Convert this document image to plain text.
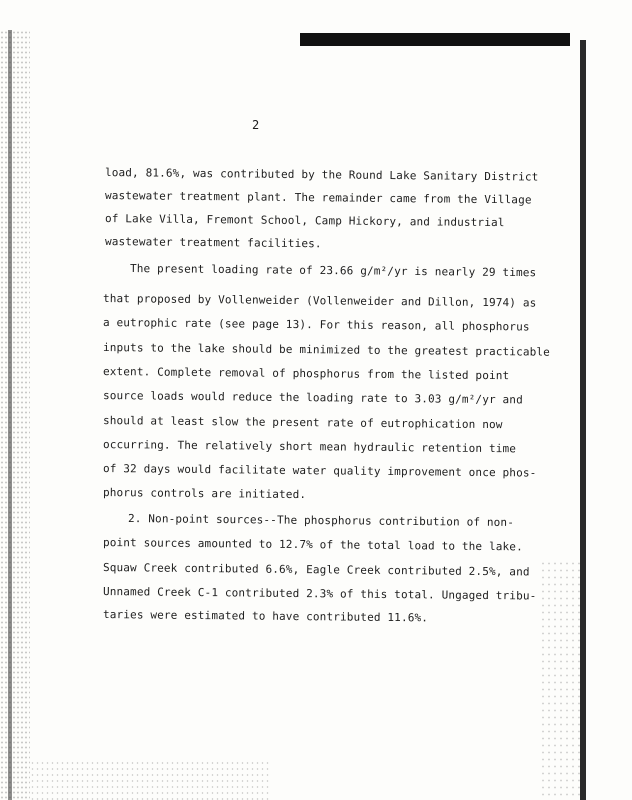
2
load, 81.6%, was contributed by the Round Lake Sanitary District
wastewater treatment plant. The remainder came from the Village
of Lake Villa, Fremont School, Camp Hickory, and industrial
wastewater treatment facilities.
The present loading rate of 23.66 g/m²/yr is nearly 29 times
that proposed by Vollenweider (Vollenweider and Dillon, 1974) as
a eutrophic rate (see page 13). For this reason, all phosphorus
inputs to the lake should be minimized to the greatest practicable
extent. Complete removal of phosphorus from the listed point
source loads would reduce the loading rate to 3.03 g/m²/yr and
should at least slow the present rate of eutrophication now
occurring. The relatively short mean hydraulic retention time
of 32 days would facilitate water quality improvement once phos-
phorus controls are initiated.
2. Non-point sources--The phosphorus contribution of non-
point sources amounted to 12.7% of the total load to the lake.
Squaw Creek contributed 6.6%, Eagle Creek contributed 2.5%, and
Unnamed Creek C-1 contributed 2.3% of this total. Ungaged tribu-
taries were estimated to have contributed 11.6%.
